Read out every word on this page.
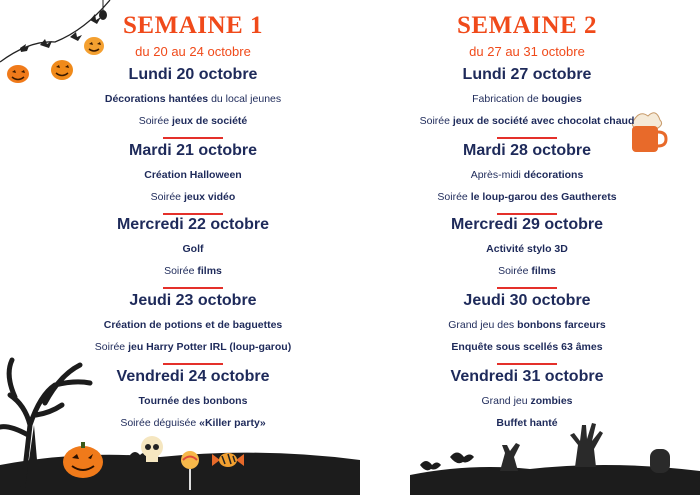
SEMAINE 1
du 20 au 24 octobre
Lundi 20 octobre
Décorations hantées du local jeunes
Soirée jeux de société
Mardi 21 octobre
Création Halloween
Soirée jeux vidéo
Mercredi 22 octobre
Golf
Soirée films
Jeudi 23 octobre
Création de potions et de baguettes
Soirée jeu Harry Potter IRL (loup-garou)
Vendredi 24 octobre
Tournée des bonbons
Soirée déguisée «Killer party»
SEMAINE 2
du 27 au 31 octobre
Lundi 27 octobre
Fabrication de bougies
Soirée jeux de société avec chocolat chaud
Mardi 28 octobre
Après-midi décorations
Soirée le loup-garou des Gautherets
Mercredi 29 octobre
Activité stylo 3D
Soirée films
Jeudi 30 octobre
Grand jeu des bonbons farceurs
Enquête sous scellés 63 âmes
Vendredi 31 octobre
Grand jeu zombies
Buffet hanté
